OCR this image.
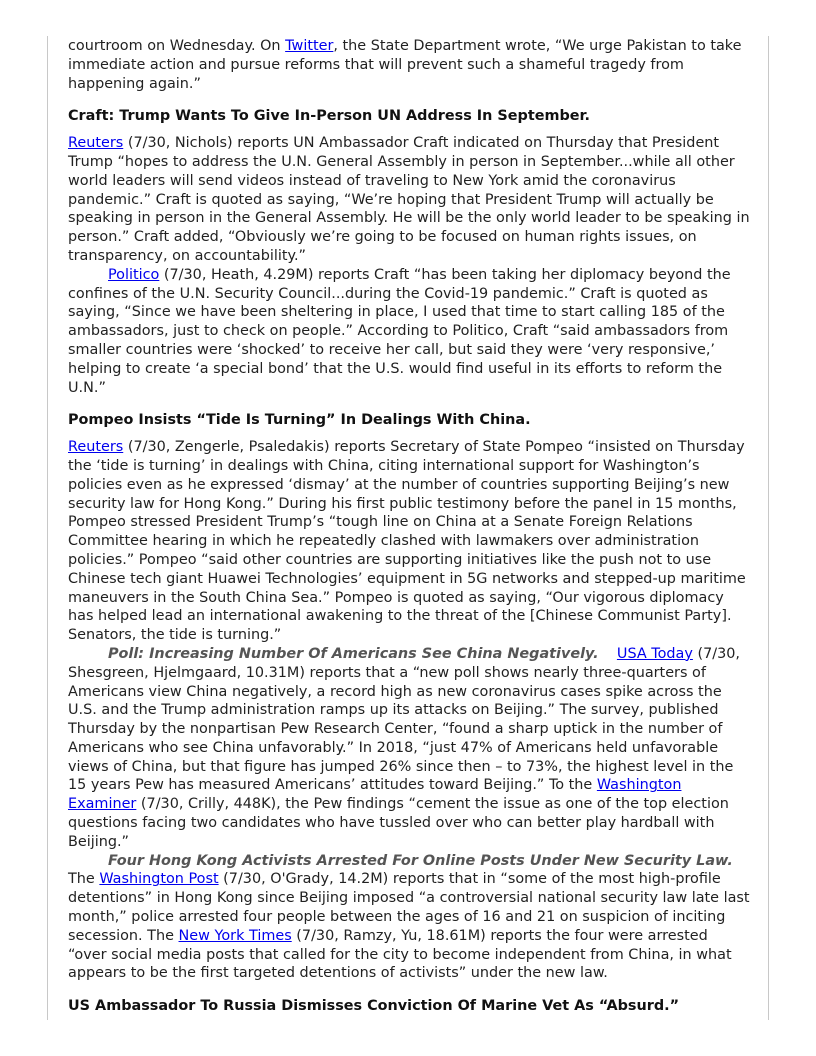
courtroom on Wednesday. On Twitter, the State Department wrote, “We urge Pakistan to take immediate action and pursue reforms that will prevent such a shameful tragedy from happening again.”

Craft: Trump Wants To Give In-Person UN Address In September.

Reuters (7/30, Nichols) reports UN Ambassador Craft indicated on Thursday that President Trump “hopes to address the U.N. General Assembly in person in September...while all other world leaders will send videos instead of traveling to New York amid the coronavirus pandemic.” Craft is quoted as saying, “We’re hoping that President Trump will actually be speaking in person in the General Assembly. He will be the only world leader to be speaking in person.” Craft added, “Obviously we’re going to be focused on human rights issues, on transparency, on accountability.”

Politico (7/30, Heath, 4.29M) reports Craft “has been taking her diplomacy beyond the confines of the U.N. Security Council...during the Covid-19 pandemic.” Craft is quoted as saying, “Since we have been sheltering in place, I used that time to start calling 185 of the ambassadors, just to check on people.” According to Politico, Craft “said ambassadors from smaller countries were ‘shocked’ to receive her call, but said they were ‘very responsive,’ helping to create ‘a special bond’ that the U.S. would find useful in its efforts to reform the U.N.”

Pompeo Insists “Tide Is Turning” In Dealings With China.

Reuters (7/30, Zengerle, Psaledakis) reports Secretary of State Pompeo “insisted on Thursday the ‘tide is turning’ in dealings with China, citing international support for Washington’s policies even as he expressed ‘dismay’ at the number of countries supporting Beijing’s new security law for Hong Kong.” During his first public testimony before the panel in 15 months, Pompeo stressed President Trump’s “tough line on China at a Senate Foreign Relations Committee hearing in which he repeatedly clashed with lawmakers over administration policies.” Pompeo “said other countries are supporting initiatives like the push not to use Chinese tech giant Huawei Technologies’ equipment in 5G networks and stepped-up maritime maneuvers in the South China Sea.” Pompeo is quoted as saying, “Our vigorous diplomacy has helped lead an international awakening to the threat of the [Chinese Communist Party]. Senators, the tide is turning.”

Poll: Increasing Number Of Americans See China Negatively. USA Today (7/30, Shesgreen, Hjelmgaard, 10.31M) reports that a “new poll shows nearly three-quarters of Americans view China negatively, a record high as new coronavirus cases spike across the U.S. and the Trump administration ramps up its attacks on Beijing.” The survey, published Thursday by the nonpartisan Pew Research Center, “found a sharp uptick in the number of Americans who see China unfavorably.” In 2018, “just 47% of Americans held unfavorable views of China, but that figure has jumped 26% since then – to 73%, the highest level in the 15 years Pew has measured Americans’ attitudes toward Beijing.” To the Washington Examiner (7/30, Crilly, 448K), the Pew findings “cement the issue as one of the top election questions facing two candidates who have tussled over who can better play hardball with Beijing.”

Four Hong Kong Activists Arrested For Online Posts Under New Security Law. The Washington Post (7/30, O'Grady, 14.2M) reports that in “some of the most high-profile detentions” in Hong Kong since Beijing imposed “a controversial national security law late last month,” police arrested four people between the ages of 16 and 21 on suspicion of inciting secession. The New York Times (7/30, Ramzy, Yu, 18.61M) reports the four were arrested “over social media posts that called for the city to become independent from China, in what appears to be the first targeted detentions of activists” under the new law.

US Ambassador To Russia Dismisses Conviction Of Marine Vet As “Absurd.”
